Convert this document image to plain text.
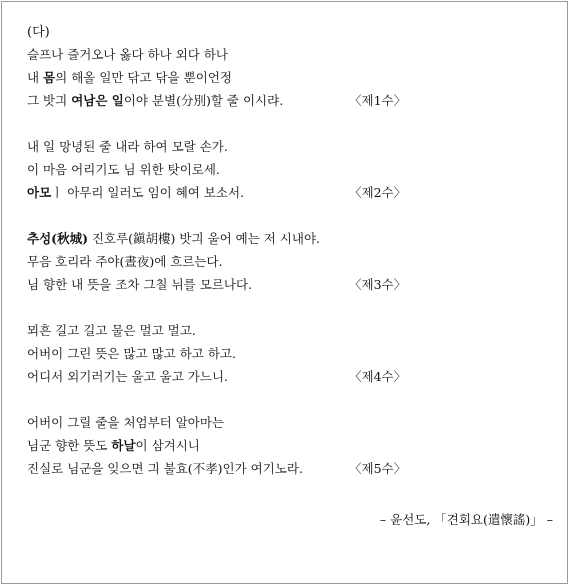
(다)
슬프나 즐거오나 옳다 하나 외다 하나
내 몸의 해올 일만 닦고 닦을 뿐이언정
그 밧긔 여남은 일이야 분별(分別)할 줄 이시랴.	〈제1수〉
내 일 망녕된 줄 내라 하여 모랄 손가.
이 마음 어리기도 님 위한 탓이로세.
아모ㅣ 아무리 일러도 임이 혜여 보소서.	〈제2수〉
추성(秋城) 진호루(鎭胡樓) 밧긔 울어 예는 저 시내야.
무음 호리라 주야(晝夜)에 흐르는다.
님 향한 내 뜻을 조차 그칠 뉘를 모르나다.	〈제3수〉
뫼흔 길고 길고 물은 멀고 멀고.
어버이 그린 뜻은 많고 많고 하고 하고.
어디서 외기러기는 울고 울고 가느니.	〈제4수〉
어버이 그릴 줄을 처엄부터 알아마는
님군 향한 뜻도 하날이 삼겨시니
진실로 님군을 잊으면 긔 불효(不孝)인가 여기노라.	〈제5수〉
– 윤선도, 「견회요(遣懷謠)」 –
